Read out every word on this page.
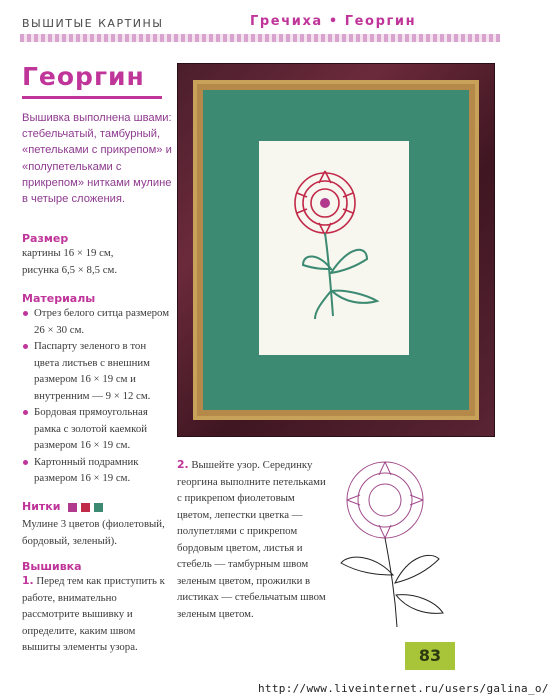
ВЫШИТЫЕ КАРТИНЫ	Гречиха • Георгин
Георгин
Вышивка выполнена швами: стебельчатый, тамбурный, «петельками с прикрепом» и «полупетельками с прикрепом» нитками мулине в четыре сложения.
Размер
картины 16 × 19 см,
рисунка 6,5 × 8,5 см.
Материалы
Отрез белого ситца размером 26 × 30 см.
Паспарту зеленого в тон цвета листьев с внешним размером 16 × 19 см и внутренним — 9 × 12 см.
Бордовая прямоугольная рамка с золотой каемкой размером 16 × 19 см.
Картонный подрамник размером 16 × 19 см.
Нитки
Мулине 3 цветов (фиолетовый, бордовый, зеленый).
Вышивка
1. Перед тем как приступить к работе, внимательно рассмотрите вышивку и определите, каким швом вышиты элементы узора.
2. Вышейте узор. Серединку георгина выполните петельками с прикрепом фиолетовым цветом, лепестки цветка — полупетлями с прикрепом бордовым цветом, листья и стебель — тамбурным швом зеленым цветом, прожилки в листиках — стебельчатым швом зеленым цветом.
83
http://www.liveinternet.ru/users/galina_o/
